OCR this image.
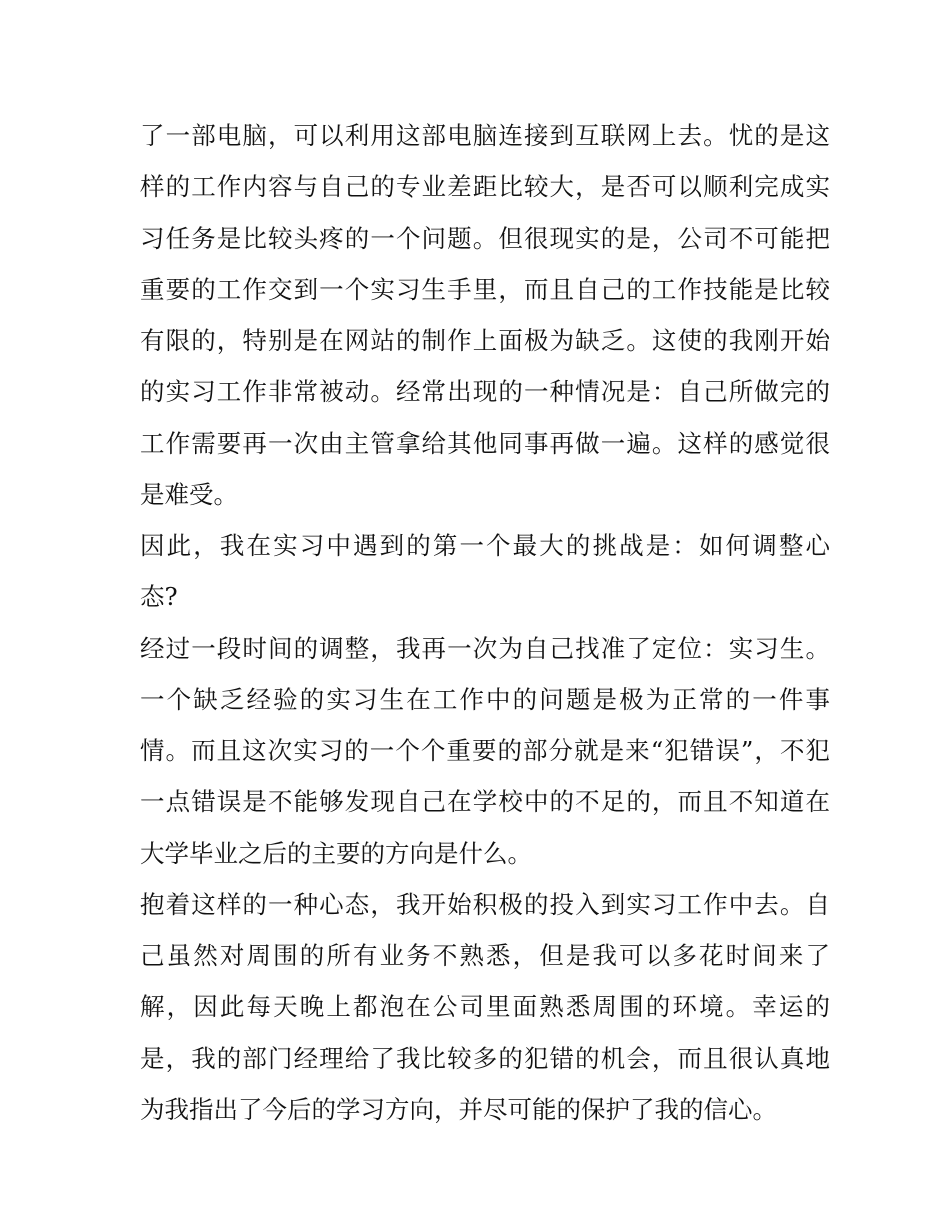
了一部电脑，可以利用这部电脑连接到互联网上去。忧的是这
样的工作内容与自己的专业差距比较大，是否可以顺利完成实
习任务是比较头疼的一个问题。但很现实的是，公司不可能把
重要的工作交到一个实习生手里，而且自己的工作技能是比较
有限的，特别是在网站的制作上面极为缺乏。这使的我刚开始
的实习工作非常被动。经常出现的一种情况是：自己所做完的
工作需要再一次由主管拿给其他同事再做一遍。这样的感觉很
是难受。
因此，我在实习中遇到的第一个最大的挑战是：如何调整心
态?
经过一段时间的调整，我再一次为自己找准了定位：实习生。
一个缺乏经验的实习生在工作中的问题是极为正常的一件事
情。而且这次实习的一个个重要的部分就是来“犯错误”，不犯
一点错误是不能够发现自己在学校中的不足的，而且不知道在
大学毕业之后的主要的方向是什么。
抱着这样的一种心态，我开始积极的投入到实习工作中去。自
己虽然对周围的所有业务不熟悉，但是我可以多花时间来了
解，因此每天晚上都泡在公司里面熟悉周围的环境。幸运的
是，我的部门经理给了我比较多的犯错的机会，而且很认真地
为我指出了今后的学习方向，并尽可能的保护了我的信心。
